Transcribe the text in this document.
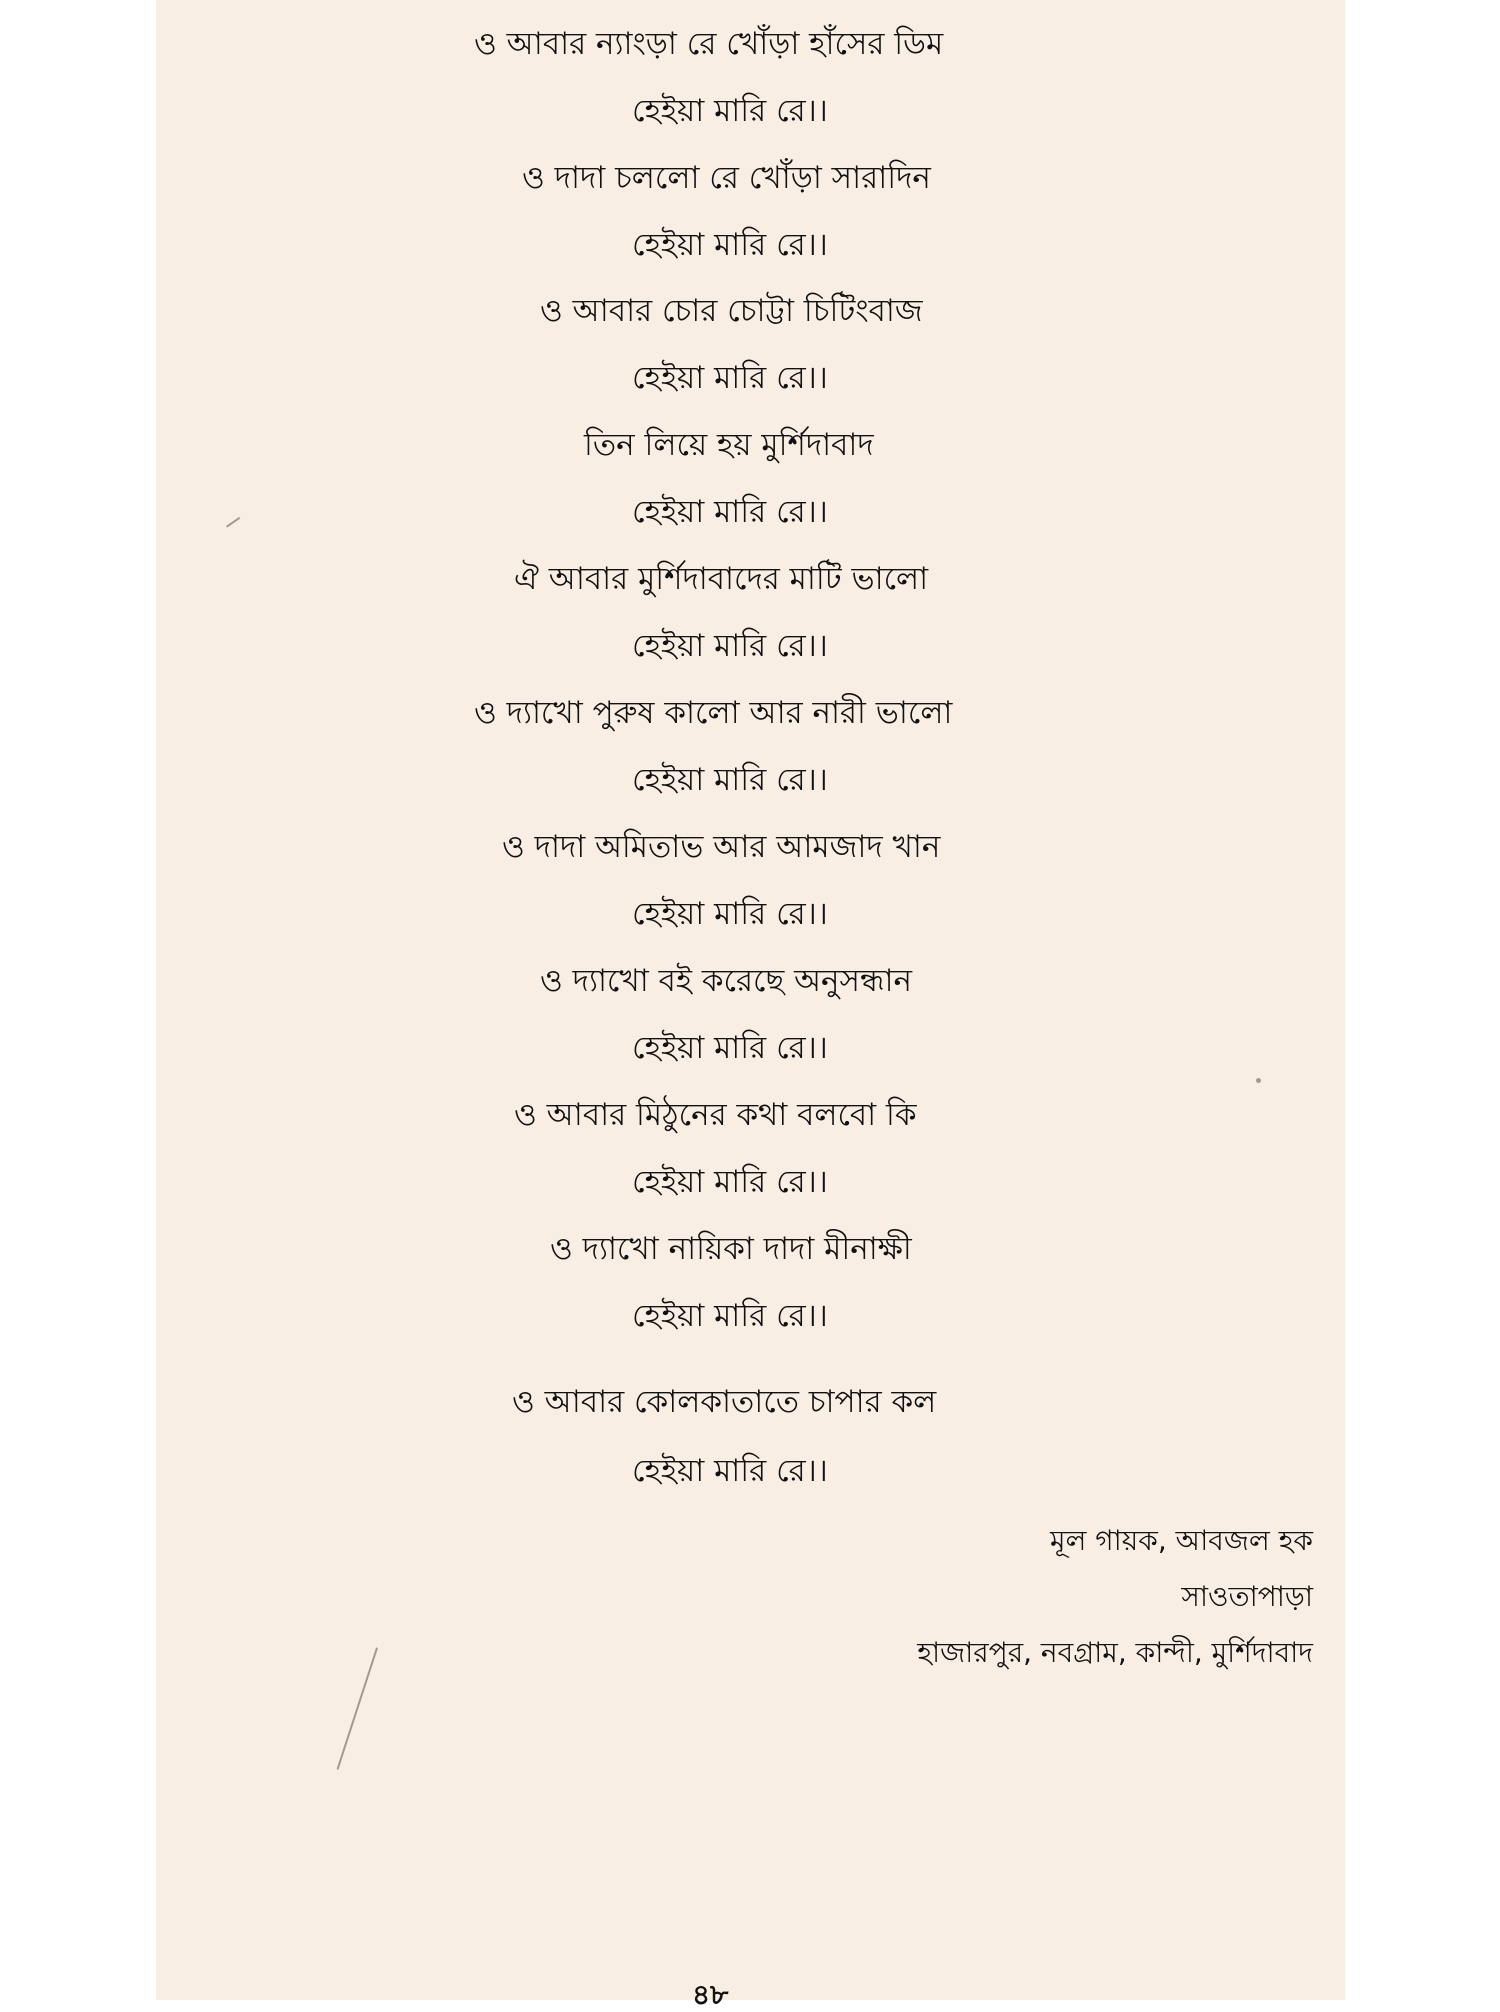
ও আবার ন্যাংড়া রে খোঁড়া হাঁসের ডিম
হেইয়া মারি রে।।
ও দাদা চললো রে খোঁড়া সারাদিন
হেইয়া মারি রে।।
ও আবার চোর চোট্টা চিটিংবাজ
হেইয়া মারি রে।।
তিন লিয়ে হয় মুর্শিদাবাদ
হেইয়া মারি রে।।
ঐ আবার মুর্শিদাবাদের মাটি ভালো
হেইয়া মারি রে।।
ও দ্যাখো পুরুষ কালো আর নারী ভালো
হেইয়া মারি রে।।
ও দাদা অমিতাভ আর আমজাদ খান
হেইয়া মারি রে।।
ও দ্যাখো বই করেছে অনুসন্ধান
হেইয়া মারি রে।।
ও আবার মিঠুনের কথা বলবো কি
হেইয়া মারি রে।।
ও দ্যাখো নায়িকা দাদা মীনাক্ষী
হেইয়া মারি রে।।
ও আবার কোলকাতাতে চাপার কল
হেইয়া মারি রে।।
মূল গায়ক, আবজল হক
সাওতাপাড়া
হাজারপুর, নবগ্রাম, কান্দী, মুর্শিদাবাদ
৪৮
